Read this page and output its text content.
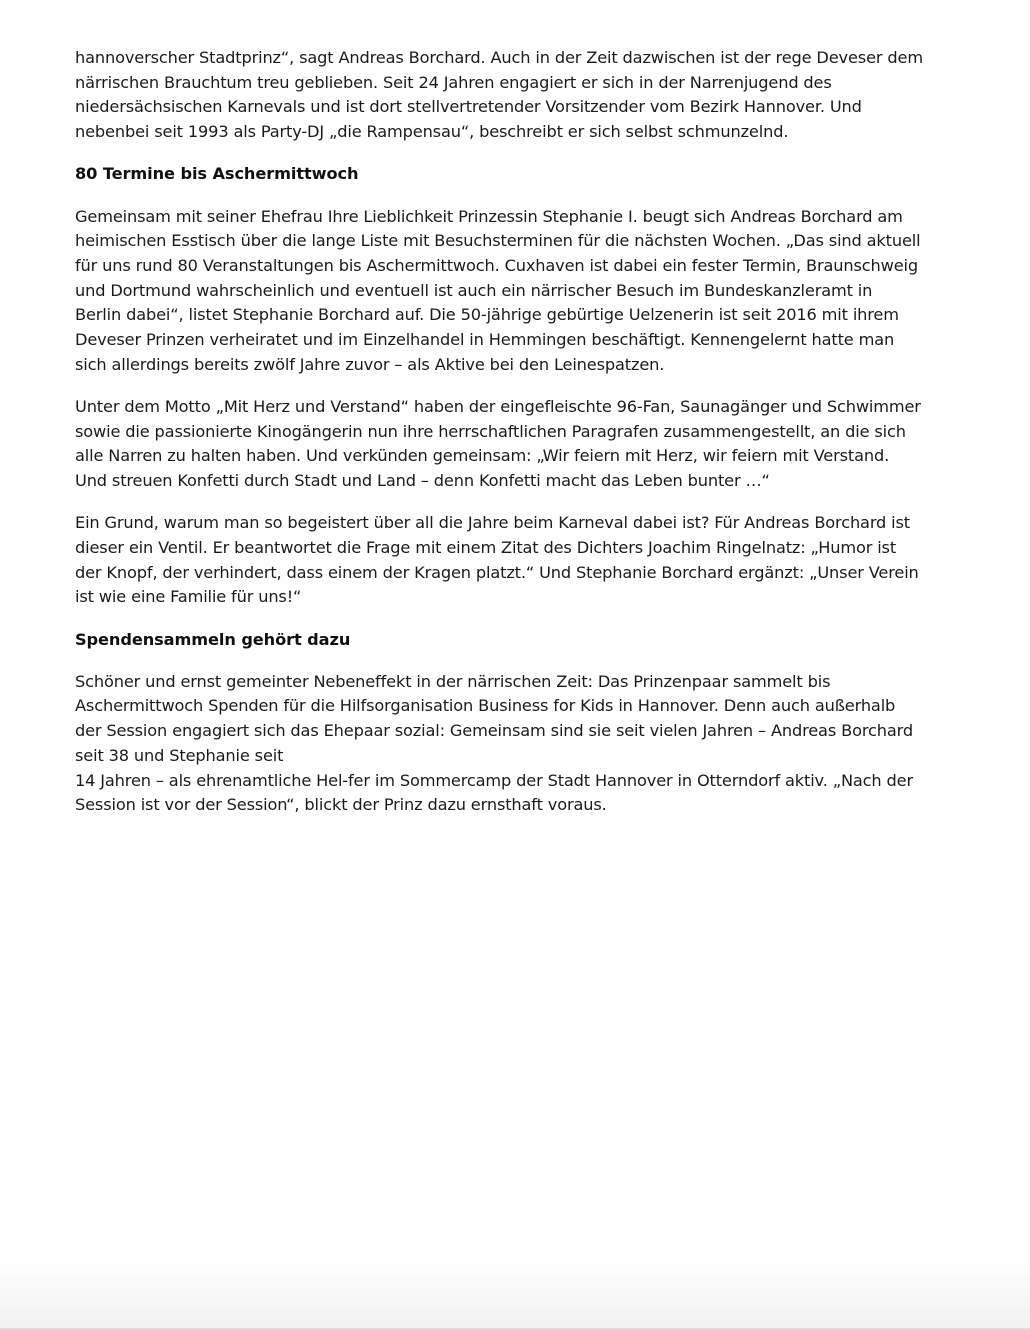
hannoverscher Stadtprinz“, sagt Andreas Borchard. Auch in der Zeit dazwischen ist der rege Deveser dem
närrischen Brauchtum treu geblieben. Seit 24 Jahren engagiert er sich in der Narrenjugend des
niedersächsischen Karnevals und ist dort stellvertretender Vorsitzender vom Bezirk Hannover. Und
nebenbei seit 1993 als Party-DJ „die Rampensau“, beschreibt er sich selbst schmunzelnd.
80 Termine bis Aschermittwoch
Gemeinsam mit seiner Ehefrau Ihre Lieblichkeit Prinzessin Stephanie I. beugt sich Andreas Borchard am
heimischen Esstisch über die lange Liste mit Besuchsterminen für die nächsten Wochen. „Das sind aktuell
für uns rund 80 Veranstaltungen bis Aschermittwoch. Cuxhaven ist dabei ein fester Termin, Braunschweig
und Dortmund wahrscheinlich und eventuell ist auch ein närrischer Besuch im Bundeskanzleramt in
Berlin dabei“, listet Stephanie Borchard auf. Die 50-jährige gebürtige Uelzenerin ist seit 2016 mit ihrem
Deveser Prinzen verheiratet und im Einzelhandel in Hemmingen beschäftigt. Kennengelernt hatte man
sich allerdings bereits zwölf Jahre zuvor – als Aktive bei den Leinespatzen.
Unter dem Motto „Mit Herz und Verstand“ haben der eingefleischte 96-Fan, Saunagänger und Schwimmer
sowie die passionierte Kinogängerin nun ihre herrschaftlichen Paragrafen zusammengestellt, an die sich
alle Narren zu halten haben. Und verkünden gemeinsam: „Wir feiern mit Herz, wir feiern mit Verstand.
Und streuen Konfetti durch Stadt und Land – denn Konfetti macht das Leben bunter …“
Ein Grund, warum man so begeistert über all die Jahre beim Karneval dabei ist? Für Andreas Borchard ist
dieser ein Ventil. Er beantwortet die Frage mit einem Zitat des Dichters Joachim Ringelnatz: „Humor ist
der Knopf, der verhindert, dass einem der Kragen platzt.“ Und Stephanie Borchard ergänzt: „Unser Verein
ist wie eine Familie für uns!“
Spendensammeln gehört dazu
Schöner und ernst gemeinter Nebeneffekt in der närrischen Zeit: Das Prinzenpaar sammelt bis
Aschermittwoch Spenden für die Hilfsorganisation Business for Kids in Hannover. Denn auch außerhalb
der Session engagiert sich das Ehepaar sozial: Gemeinsam sind sie seit vielen Jahren – Andreas Borchard
seit 38 und Stephanie seit
14 Jahren – als ehrenamtliche Hel-fer im Sommercamp der Stadt Hannover in Otterndorf aktiv. „Nach der
Session ist vor der Session“, blickt der Prinz dazu ernsthaft voraus.
